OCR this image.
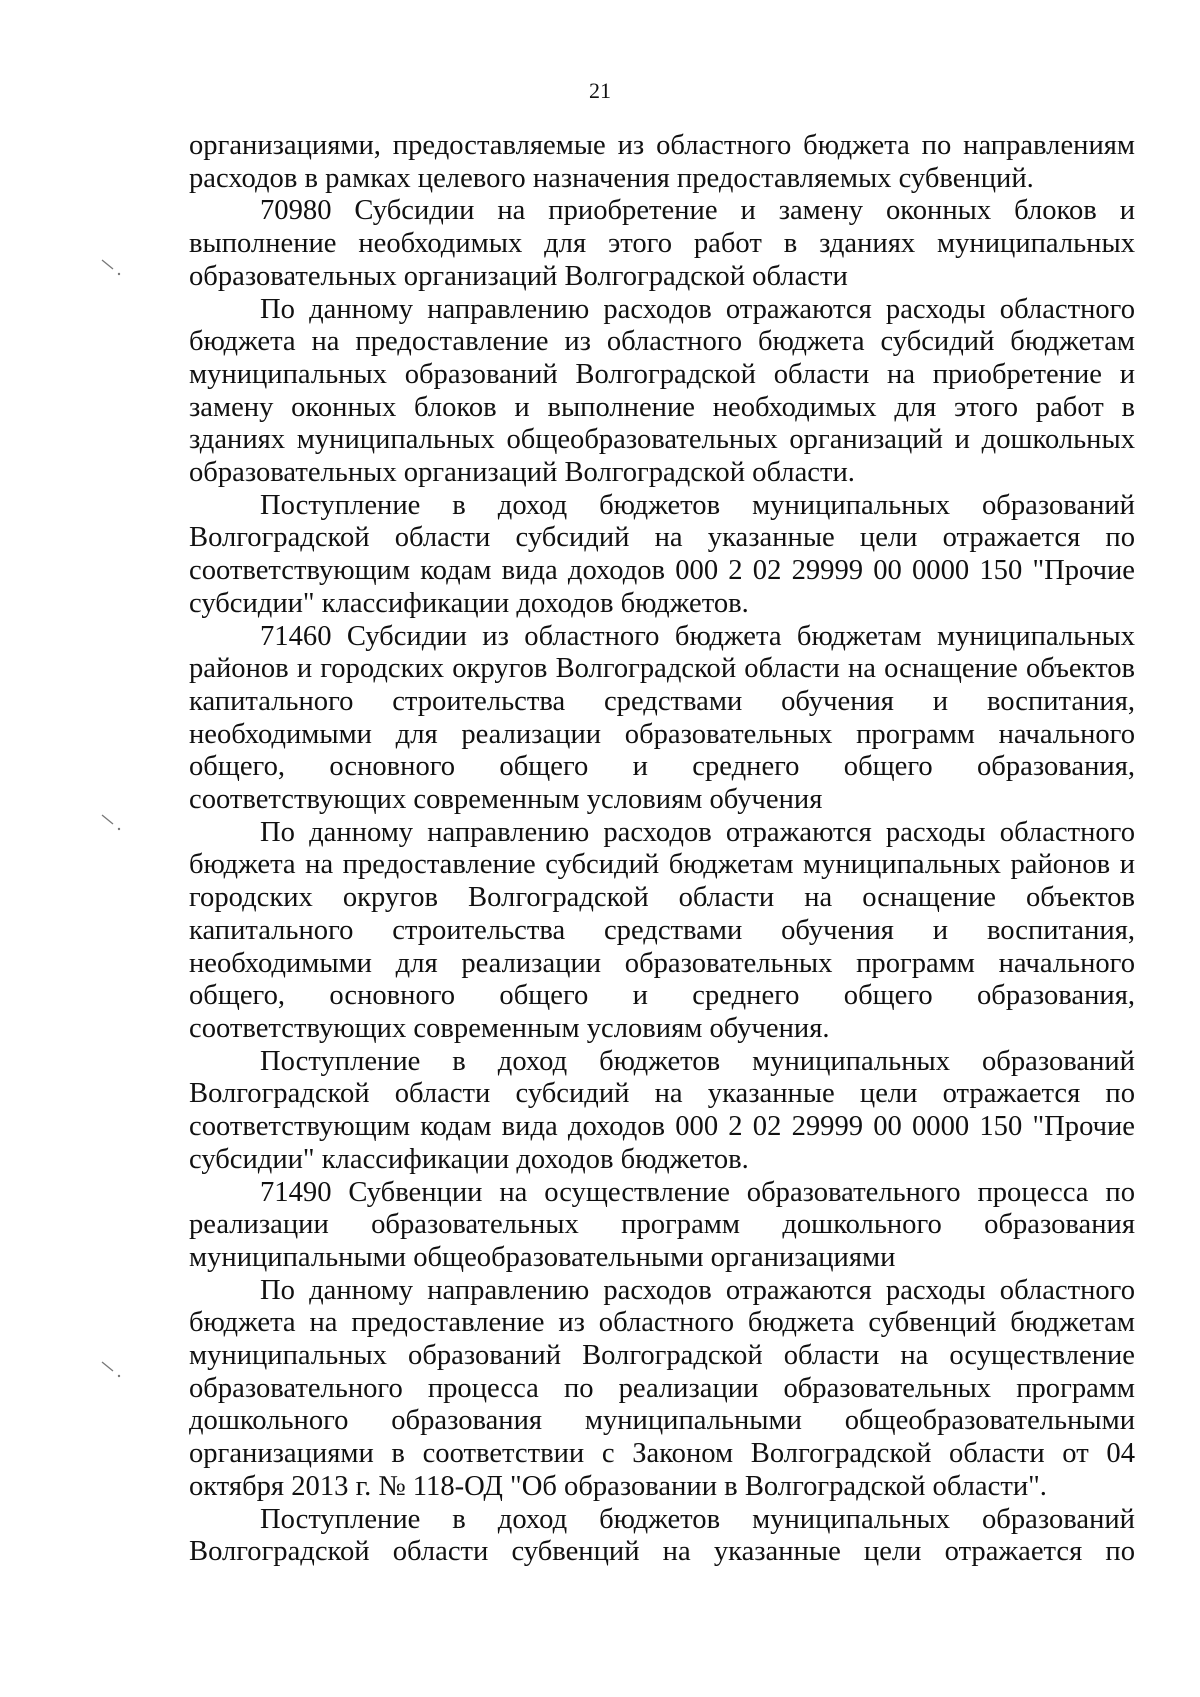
21

организациями, предоставляемые из областного бюджета по направлениям расходов в рамках целевого назначения предоставляемых субвенций.

70980 Субсидии на приобретение и замену оконных блоков и выполнение необходимых для этого работ в зданиях муниципальных образовательных организаций Волгоградской области

По данному направлению расходов отражаются расходы областного бюджета на предоставление из областного бюджета субсидий бюджетам муниципальных образований Волгоградской области на приобретение и замену оконных блоков и выполнение необходимых для этого работ в зданиях муниципальных общеобразовательных организаций и дошкольных образовательных организаций Волгоградской области.

Поступление в доход бюджетов муниципальных образований Волгоградской области субсидий на указанные цели отражается по соответствующим кодам вида доходов 000 2 02 29999 00 0000 150 "Прочие субсидии" классификации доходов бюджетов.

71460 Субсидии из областного бюджета бюджетам муниципальных районов и городских округов Волгоградской области на оснащение объектов капитального строительства средствами обучения и воспитания, необходимыми для реализации образовательных программ начального общего, основного общего и среднего общего образования, соответствующих современным условиям обучения

По данному направлению расходов отражаются расходы областного бюджета на предоставление субсидий бюджетам муниципальных районов и городских округов Волгоградской области на оснащение объектов капитального строительства средствами обучения и воспитания, необходимыми для реализации образовательных программ начального общего, основного общего и среднего общего образования, соответствующих современным условиям обучения.

Поступление в доход бюджетов муниципальных образований Волгоградской области субсидий на указанные цели отражается по соответствующим кодам вида доходов 000 2 02 29999 00 0000 150 "Прочие субсидии" классификации доходов бюджетов.

71490 Субвенции на осуществление образовательного процесса по реализации образовательных программ дошкольного образования муниципальными общеобразовательными организациями

По данному направлению расходов отражаются расходы областного бюджета на предоставление из областного бюджета субвенций бюджетам муниципальных образований Волгоградской области на осуществление образовательного процесса по реализации образовательных программ дошкольного образования муниципальными общеобразовательными организациями в соответствии с Законом Волгоградской области от 04 октября 2013 г. № 118-ОД "Об образовании в Волгоградской области".

Поступление в доход бюджетов муниципальных образований Волгоградской области субвенций на указанные цели отражается по
